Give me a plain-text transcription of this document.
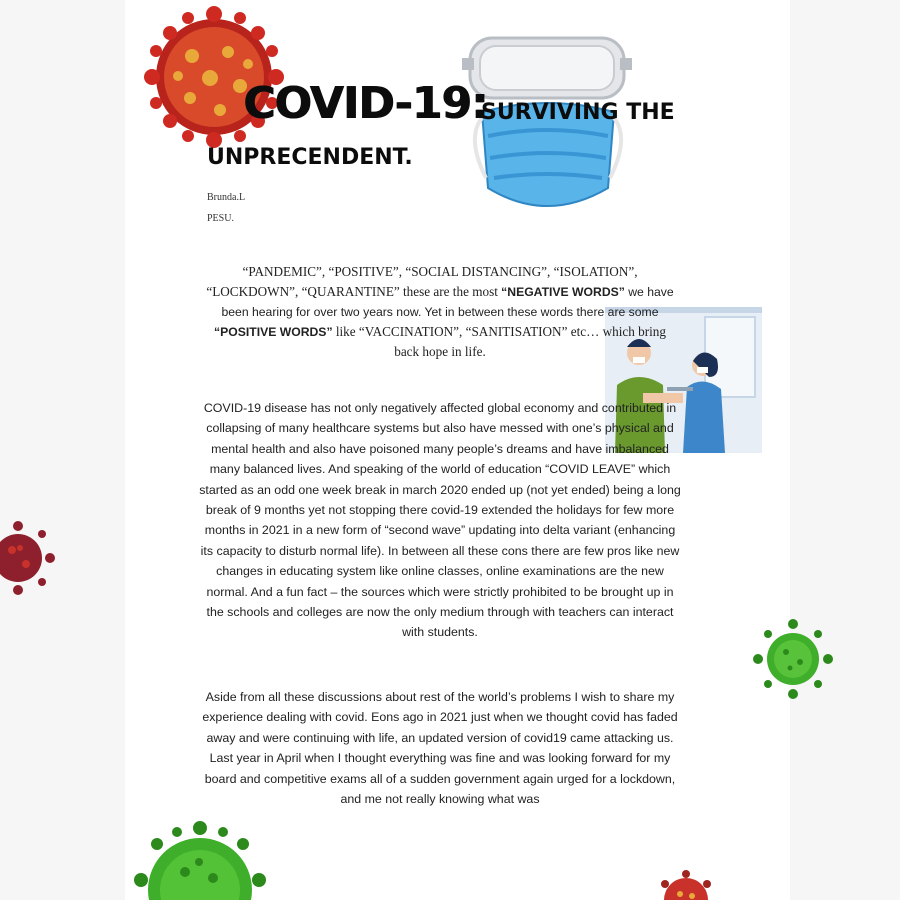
COVID-19:
SURVIVING THE
UNPRECENDENT.
Brunda.L
PESU.
“PANDEMIC”, “POSITIVE”, “SOCIAL DISTANCING”, “ISOLATION”, “LOCKDOWN”, “QUARANTINE” these are the most “NEGATIVE WORDS” we have been hearing for over two years now. Yet in between these words there are some “POSITIVE WORDS” like “VACCINATION”, “SANITISATION” etc… which bring back hope in life.
COVID-19 disease has not only negatively affected global economy and contributed in collapsing of many healthcare systems but also have messed with one’s physical and mental health and also have poisoned many people’s dreams and have imbalanced many balanced lives. And speaking of the world of education “COVID LEAVE” which started as an odd one week break in march 2020 ended up (not yet ended) being a long break of 9 months yet not stopping there covid-19 extended the holidays for few more months in 2021 in a new form of “second wave” updating into delta variant (enhancing its capacity to disturb normal life). In between all these cons there are few pros like new changes in educating system like online classes, online examinations are the new normal. And a fun fact – the sources which were strictly prohibited to be brought up in the schools and colleges are now the only medium through with teachers can interact with students.
Aside from all these discussions about rest of the world’s problems I wish to share my experience dealing with covid. Eons ago in 2021 just when we thought covid has faded away and were continuing with life, an updated version of covid19 came attacking us. Last year in April when I thought everything was fine and was looking forward for my board and competitive exams all of a sudden government again urged for a lockdown, and me not really knowing what was
